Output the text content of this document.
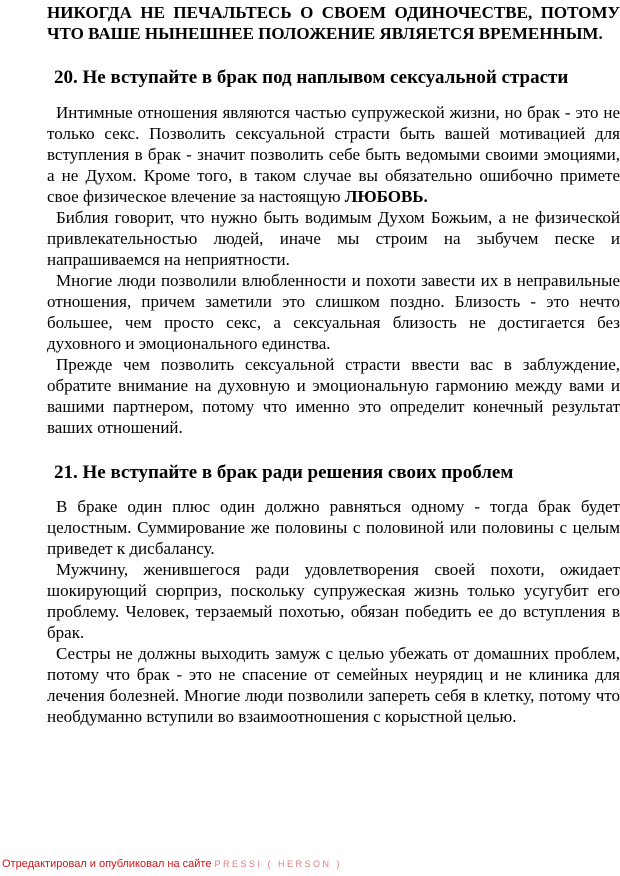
НИКОГДА НЕ ПЕЧАЛЬТЕСЬ О СВОЕМ ОДИНОЧЕСТВЕ, ПОТОМУ ЧТО ВАШЕ НЫНЕШНЕЕ ПОЛОЖЕНИЕ ЯВЛЯЕТСЯ ВРЕМЕННЫМ.

20. Не вступайте в брак под наплывом сексуальной страсти

Интимные отношения являются частью супружеской жизни, но брак - это не только секс. Позволить сексуальной страсти быть вашей мотивацией для вступления в брак - значит позволить себе быть ведомыми своими эмоциями, а не Духом. Кроме того, в таком случае вы обязательно ошибочно примете свое физическое влечение за настоящую ЛЮБОВЬ.

Библия говорит, что нужно быть водимым Духом Божьим, а не физической привлекательностью людей, иначе мы строим на зыбучем песке и напрашиваемся на неприятности.

Многие люди позволили влюбленности и похоти завести их в неправильные отношения, причем заметили это слишком поздно. Близость - это нечто большее, чем просто секс, а сексуальная близость не достигается без духовного и эмоционального единства.

Прежде чем позволить сексуальной страсти ввести вас в заблуждение, обратите внимание на духовную и эмоциональную гармонию между вами и вашими партнером, потому что именно это определит конечный результат ваших отношений.

21. Не вступайте в брак ради решения своих проблем

В браке один плюс один должно равняться одному - тогда брак будет целостным. Суммирование же половины с половиной или половины с целым приведет к дисбалансу.

Мужчину, женившегося ради удовлетворения своей похоти, ожидает шокирующий сюрприз, поскольку супружеская жизнь только усугубит его проблему. Человек, терзаемый похотью, обязан победить ее до вступления в брак.

Сестры не должны выходить замуж с целью убежать от домашних проблем, потому что брак - это не спасение от семейных неурядиц и не клиника для лечения болезней. Многие люди позволили запереть себя в клетку, потому что необдуманно вступили во взаимоотношения с корыстной целью.

Отредактировал и опубликовал на сайте PRESSI ( HERSON )
